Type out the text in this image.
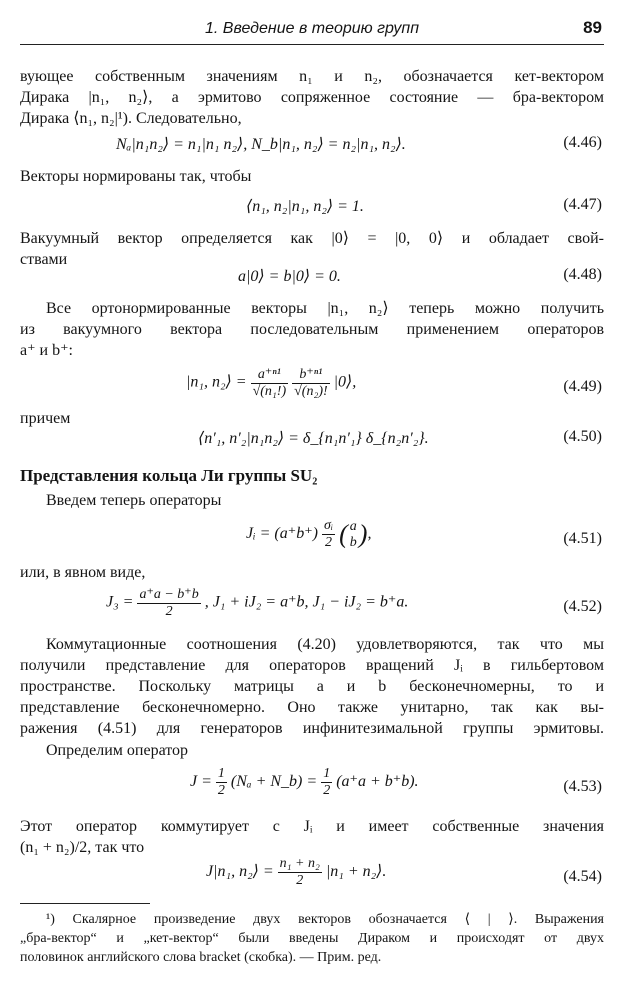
1. Введение в теорию групп	89
вующее собственным значениям n₁ и n₂, обозначается кет-вектором
Дирака |n₁, n₂⟩, а эрмитово сопряженное состояние — бра-вектором
Дирака ⟨n₁, n₂|¹). Следовательно,
Nₐ|n₁n₂⟩ = n₁|n₁ n₂⟩, N_b|n₁, n₂⟩ = n₂|n₁, n₂⟩.	(4.46)
Векторы нормированы так, чтобы
⟨n₁, n₂|n₁, n₂⟩ = 1.	(4.47)
Вакуумный вектор определяется как |0⟩ = |0, 0⟩ и обладает свой-
ствами
a|0⟩ = b|0⟩ = 0.	(4.48)
Все ортонормированные векторы |n₁, n₂⟩ теперь можно получить
из вакуумного вектора последовательным применением операторов
a⁺ и b⁺:
|n₁, n₂⟩ = $\frac{\text{a⁺ⁿ¹}}{\text{√(n₁!)}}$
$\frac{\text{b⁺ⁿ¹}}{\text{√(n₂)!}}$ |0⟩,	(4.49)
причем
⟨n′₁, n′₂|n₁n₂⟩ = δ_{n₁n′₁} δ_{n₂n′₂}.	(4.50)
Представления кольца Ли группы SU₂
Введем теперь операторы
Jᵢ = $(a^+b^+) \frac{\text{σᵢ}}{2}$ ( a
b ),	(4.51)
или, в явном виде,
$J_3 = \frac{a^+a - b^+b}{2}$ , J₁ + iJ₂ = a⁺b, J₁ − iJ₂ = b⁺a.	(4.52)
Коммутационные соотношения (4.20) удовлетворяются, так что мы
получили представление для операторов вращений Jᵢ в гильбертовом
пространстве. Поскольку матрицы a и b бесконечномерны, то и
представление бесконечномерно. Оно также унитарно, так как вы-
ражения (4.51) для генераторов инфинитезимальной группы эрмитовы.
Определим оператор
$J = \frac{1}{2} (N_a$ + N_b) = $\frac{1}{2} (a^+a + b^+b)$.	(4.53)
Этот оператор коммутирует с Jᵢ и имеет собственные значения
(n₁ + n₂)/2, так что
J|n₁, n₂⟩ = $\frac{\text{n₁ + n₂}}{2} |n_1$ + n₂⟩.	(4.54)
¹) Скалярное произведение двух векторов обозначается ⟨ | ⟩. Выражения
„бра-вектор“ и „кет-вектор“ были введены Дираком и происходят от двух
половинок английского слова bracket (скобка). — Прим. ред.
